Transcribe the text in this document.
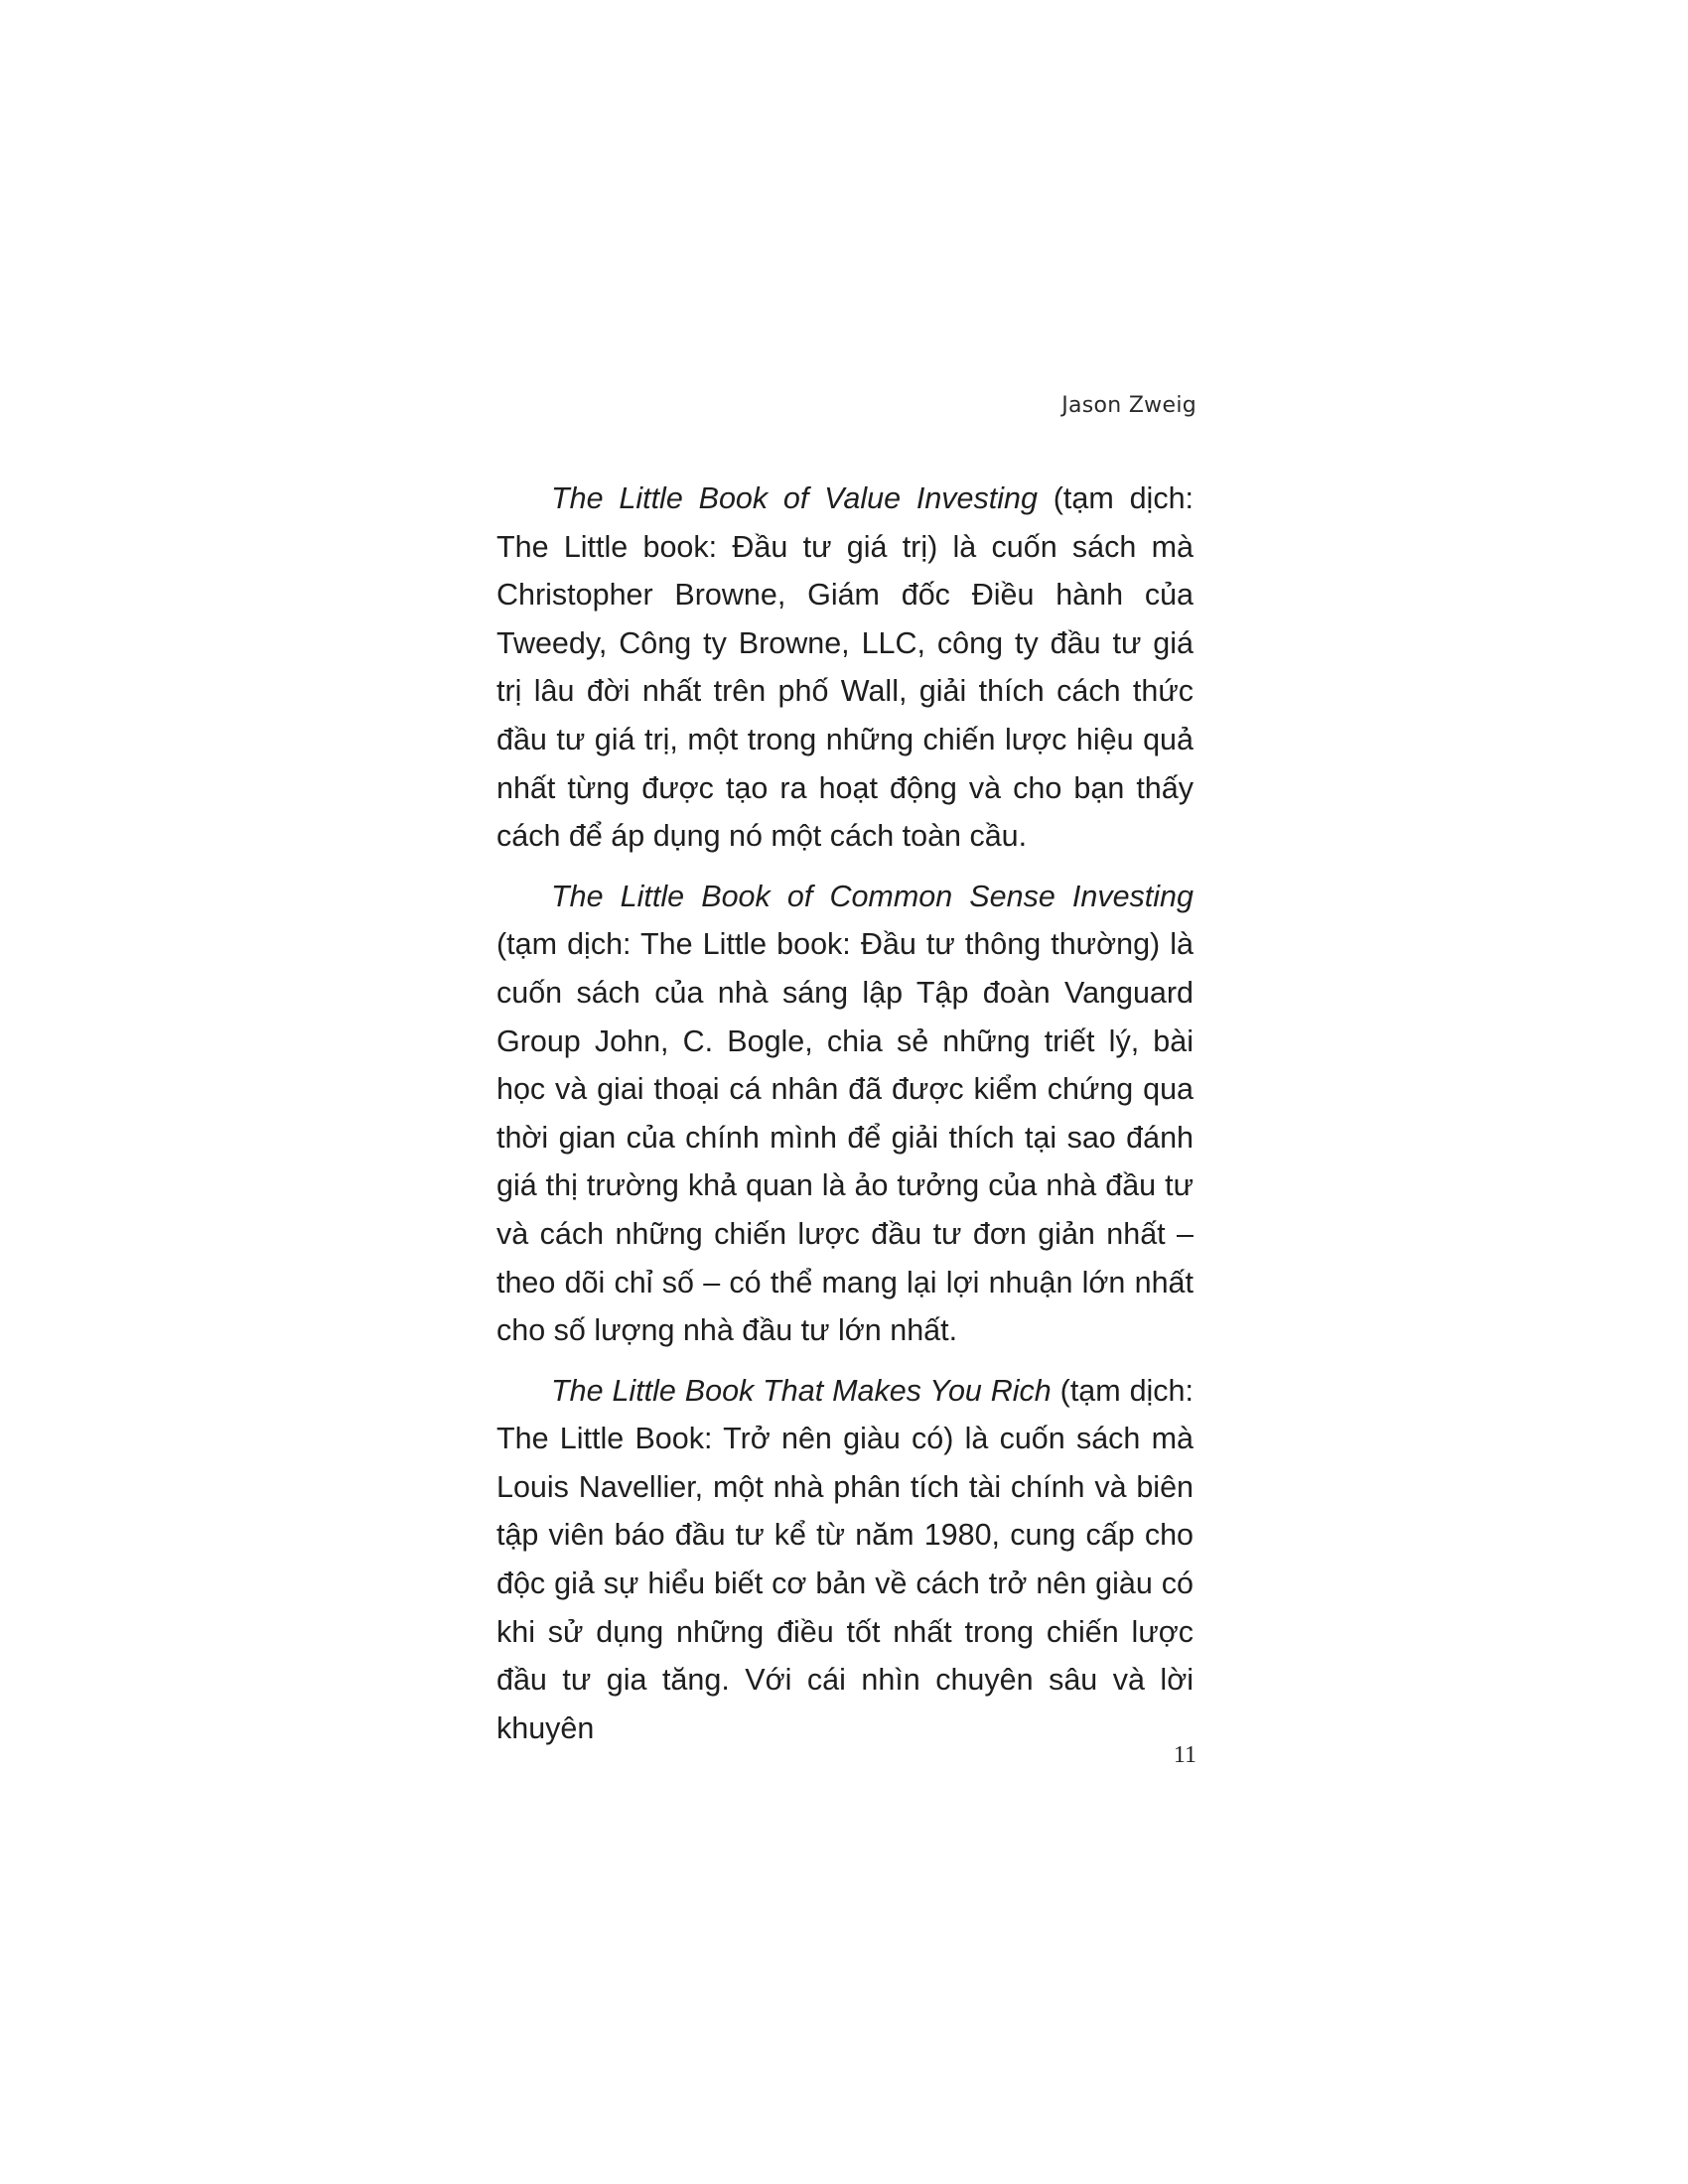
Jason Zweig

The Little Book of Value Investing (tạm dịch: The Little book: Đầu tư giá trị) là cuốn sách mà Christopher Browne, Giám đốc Điều hành của Tweedy, Công ty Browne, LLC, công ty đầu tư giá trị lâu đời nhất trên phố Wall, giải thích cách thức đầu tư giá trị, một trong những chiến lược hiệu quả nhất từng được tạo ra hoạt động và cho bạn thấy cách để áp dụng nó một cách toàn cầu.

The Little Book of Common Sense Investing (tạm dịch: The Little book: Đầu tư thông thường) là cuốn sách của nhà sáng lập Tập đoàn Vanguard Group John, C. Bogle, chia sẻ những triết lý, bài học và giai thoại cá nhân đã được kiểm chứng qua thời gian của chính mình để giải thích tại sao đánh giá thị trường khả quan là ảo tưởng của nhà đầu tư và cách những chiến lược đầu tư đơn giản nhất – theo dõi chỉ số – có thể mang lại lợi nhuận lớn nhất cho số lượng nhà đầu tư lớn nhất.

The Little Book That Makes You Rich (tạm dịch: The Little Book: Trở nên giàu có) là cuốn sách mà Louis Navellier, một nhà phân tích tài chính và biên tập viên báo đầu tư kể từ năm 1980, cung cấp cho độc giả sự hiểu biết cơ bản về cách trở nên giàu có khi sử dụng những điều tốt nhất trong chiến lược đầu tư gia tăng. Với cái nhìn chuyên sâu và lời khuyên

11
